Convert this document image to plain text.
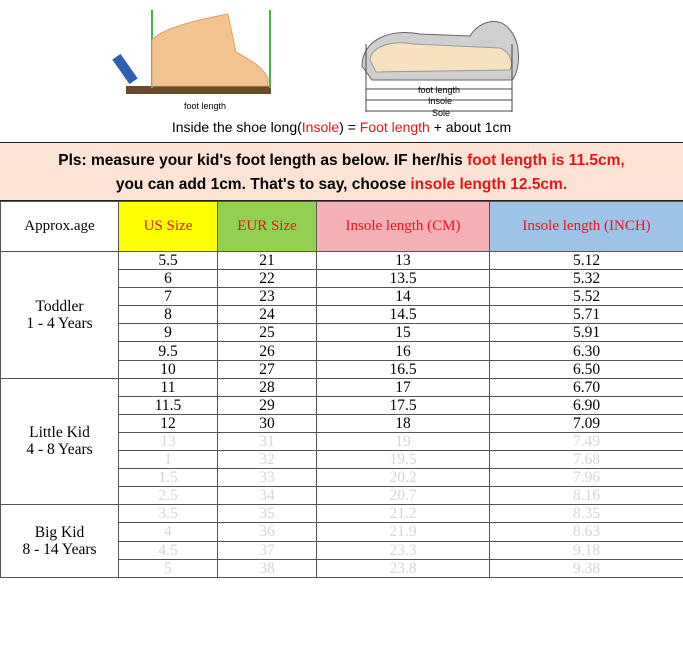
foot length
foot length
Insole
Sole
Inside the shoe long(Insole) = Foot length + about 1cm
Pls: measure your kid's foot length as below. IF her/his foot length is 11.5cm,
you can add 1cm. That's to say, choose insole length 12.5cm.
Approx.age	US Size	EUR Size	Insole length (CM)	Insole length (INCH)

Toddler
1 - 4 Years	5.5	21	13	5.12
	6	22	13.5	5.32
	7	23	14	5.52
	8	24	14.5	5.71
	9	25	15	5.91
	9.5	26	16	6.30
	10	27	16.5	6.50

Little Kid
4 - 8 Years	11	28	17	6.70
	11.5	29	17.5	6.90
	12	30	18	7.09
	13	31	19	7.49
	1	32	19.5	7.68
	1.5	33	20.2	7.96
	2.5	34	20.7	8.16

Big Kid
8 - 14 Years	3.5	35	21.2	8.35
	4	36	21.9	8.63
	4.5	37	23.3	9.18
	5	38	23.8	9.38
